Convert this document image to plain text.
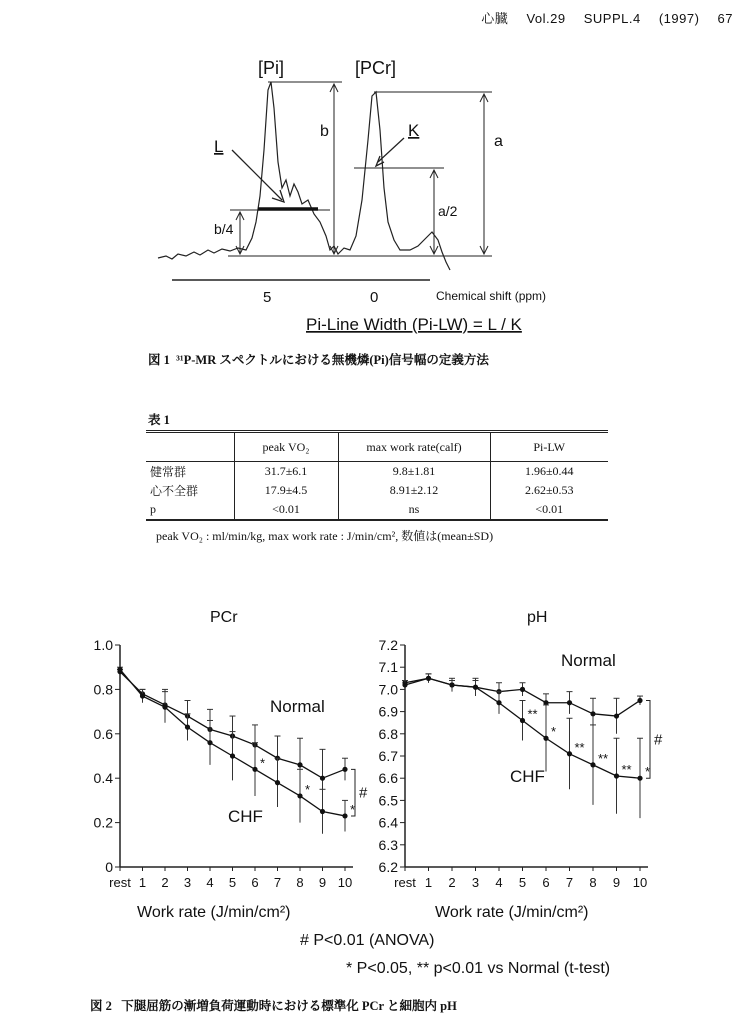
心臓 Vol.29 SUPPL.4 (1997) 67
[Pi]	[PCr]
L
K
b
a
a/2
b/4
5	0	Chemical shift (ppm)
Pi-Line Width (Pi-LW) = L / K
図 1 ³¹P-MR スペクトルにおける無機燐(Pi)信号幅の定義方法
表 1
	peak VO₂	max work rate(calf)	Pi-LW
健常群	31.7±6.1	9.8±1.81	1.96±0.44
心不全群	17.9±4.5	8.91±2.12	2.62±0.53
p	<0.01	ns	<0.01
peak VO₂ : ml/min/kg, max work rate : J/min/cm², 数値は(mean±SD)
PCr
0
0.2
0.4
0.6
0.8
1.0
rest 1 2 3 4 5 6 7 8 9 10
Work rate (J/min/cm²)
Normal
CHF
*
*
*
#
pH
6.2
6.3
6.4
6.5
6.6
6.7
6.8
6.9
7.0
7.1
7.2
rest 1 2 3 4 5 6 7 8 9 10
Work rate (J/min/cm²)
Normal
CHF
**
*
**
**
** *
#
# P<0.01 (ANOVA)
* P<0.05, ** p<0.01 vs Normal (t-test)
図 2 下腿屈筋の漸増負荷運動時における標準化 PCr と細胞内 pH
